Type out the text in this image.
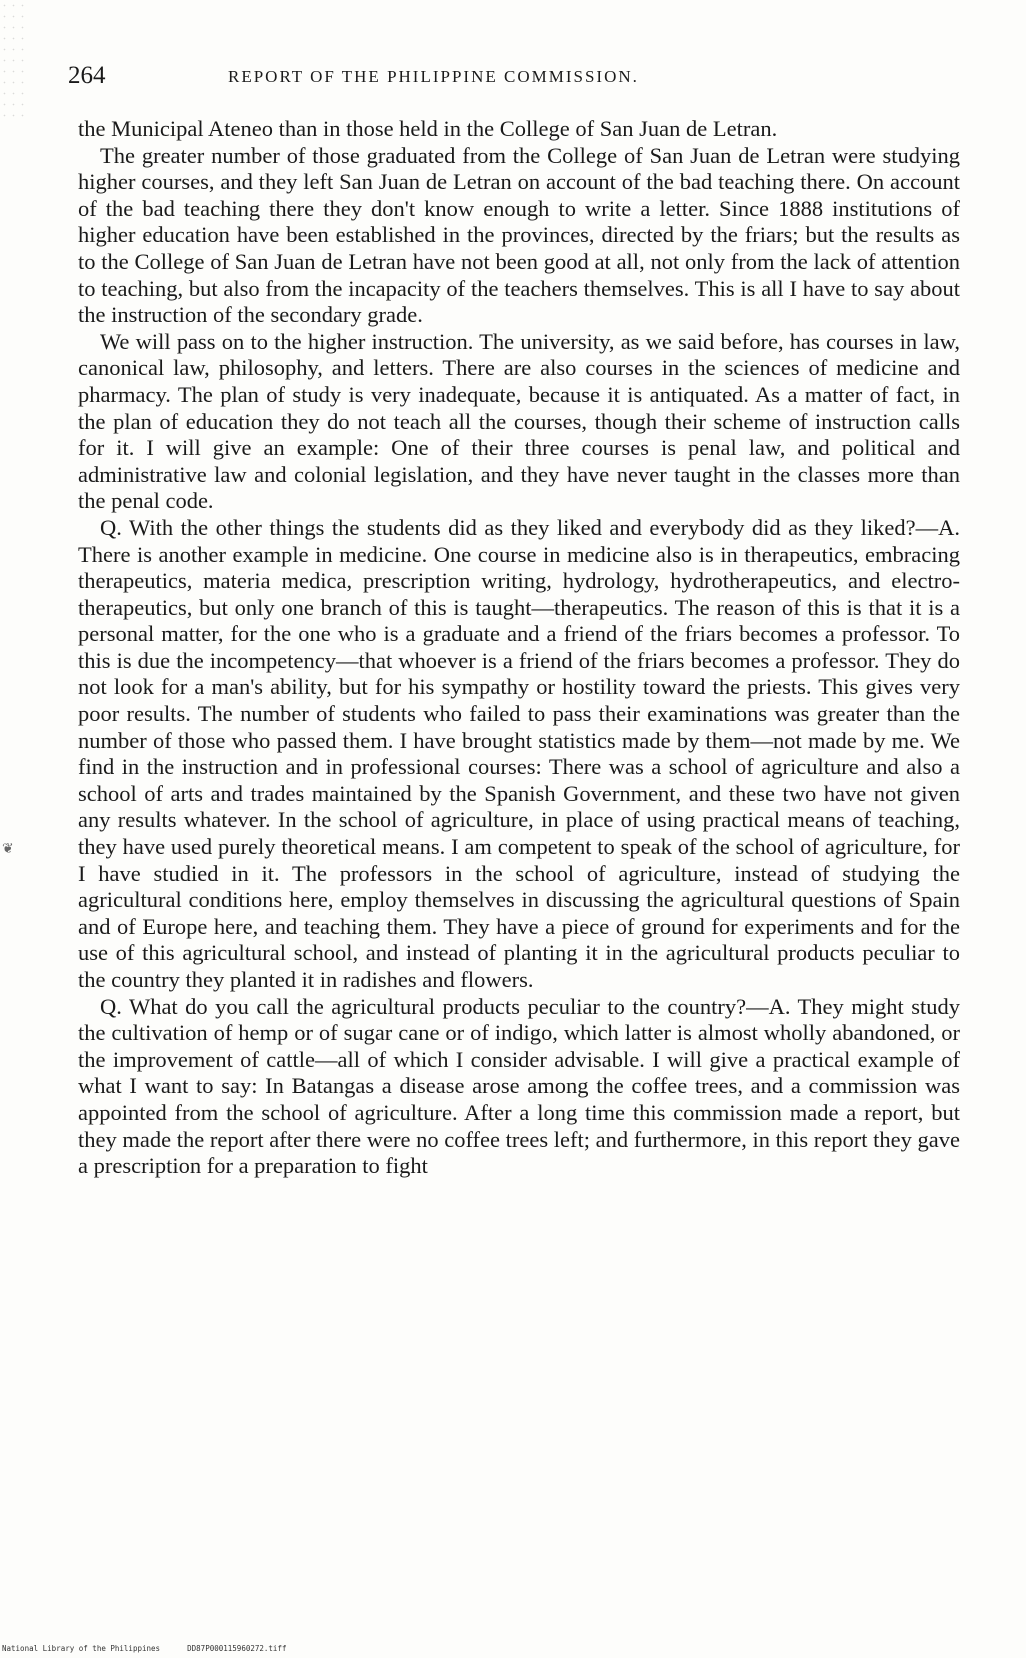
264	REPORT OF THE PHILIPPINE COMMISSION.

the Municipal Ateneo than in those held in the College of San Juan de Letran.

The greater number of those graduated from the College of San Juan de Letran were studying higher courses, and they left San Juan de Letran on account of the bad teaching there. On account of the bad teaching there they don't know enough to write a letter. Since 1888 institutions of higher education have been established in the provinces, directed by the friars; but the results as to the College of San Juan de Letran have not been good at all, not only from the lack of attention to teaching, but also from the incapacity of the teachers themselves. This is all I have to say about the instruction of the secondary grade.

We will pass on to the higher instruction. The university, as we said before, has courses in law, canonical law, philosophy, and letters. There are also courses in the sciences of medicine and pharmacy. The plan of study is very inadequate, because it is antiquated. As a matter of fact, in the plan of education they do not teach all the courses, though their scheme of instruction calls for it. I will give an example: One of their three courses is penal law, and political and administrative law and colonial legislation, and they have never taught in the classes more than the penal code.

Q. With the other things the students did as they liked and everybody did as they liked?—A. There is another example in medicine. One course in medicine also is in therapeutics, embracing therapeutics, materia medica, prescription writing, hydrology, hydrotherapeutics, and electro-therapeutics, but only one branch of this is taught—therapeutics. The reason of this is that it is a personal matter, for the one who is a graduate and a friend of the friars becomes a professor. To this is due the incompetency—that whoever is a friend of the friars becomes a professor. They do not look for a man's ability, but for his sympathy or hostility toward the priests. This gives very poor results. The number of students who failed to pass their examinations was greater than the number of those who passed them. I have brought statistics made by them—not made by me. We find in the instruction and in professional courses: There was a school of agriculture and also a school of arts and trades maintained by the Spanish Government, and these two have not given any results whatever. In the school of agriculture, in place of using practical means of teaching, they have used purely theoretical means. I am competent to speak of the school of agriculture, for I have studied in it. The professors in the school of agriculture, instead of studying the agricultural conditions here, employ themselves in discussing the agricultural questions of Spain and of Europe here, and teaching them. They have a piece of ground for experiments and for the use of this agricultural school, and instead of planting it in the agricultural products peculiar to the country they planted it in radishes and flowers.

Q. What do you call the agricultural products peculiar to the country?—A. They might study the cultivation of hemp or of sugar cane or of indigo, which latter is almost wholly abandoned, or the improvement of cattle—all of which I consider advisable. I will give a practical example of what I want to say: In Batangas a disease arose among the coffee trees, and a commission was appointed from the school of agriculture. After a long time this commission made a report, but they made the report after there were no coffee trees left; and furthermore, in this report they gave a prescription for a preparation to fight

❦
National Library of the Philippines	DD87P000115960272.tiff
